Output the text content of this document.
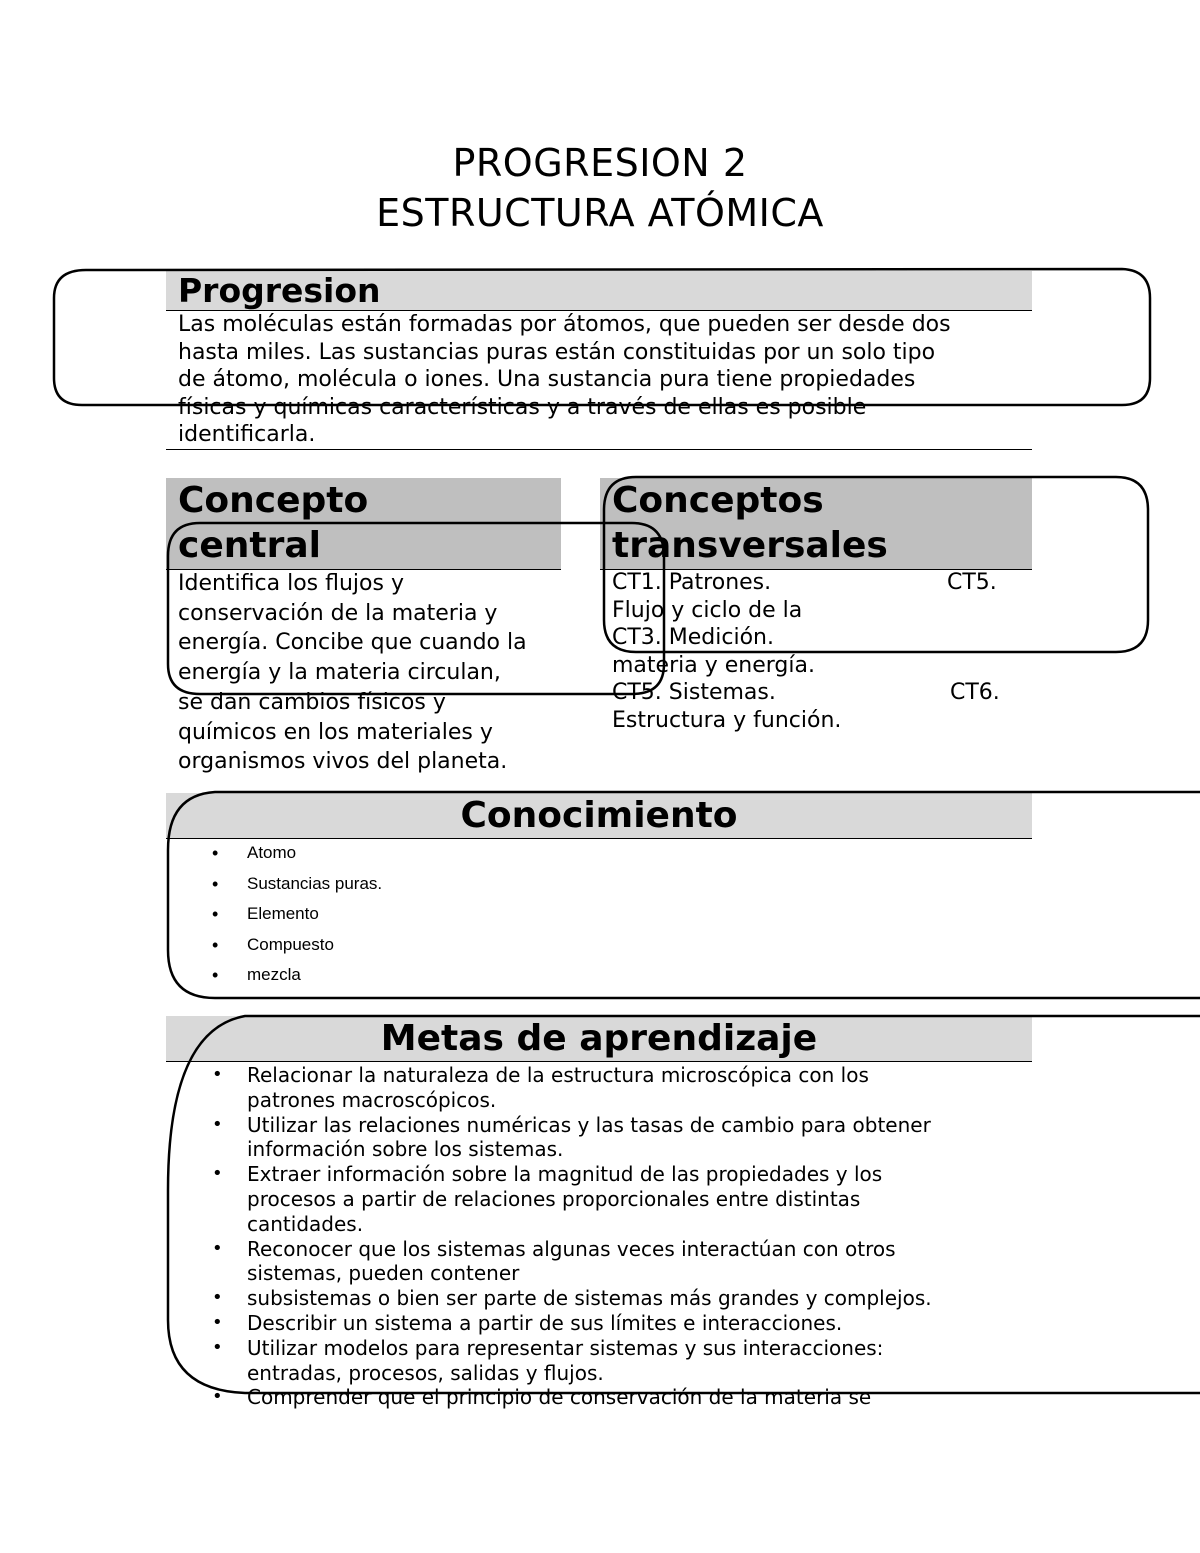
PROGRESION 2
ESTRUCTURA ATÓMICA
Progresion
Las moléculas están formadas por átomos, que pueden ser desde dos
hasta miles. Las sustancias puras están constituidas por un solo tipo
de átomo, molécula o iones. Una sustancia pura tiene propiedades
físicas y químicas características y a través de ellas es posible
identificarla.
Concepto
central
Identifica los flujos y
conservación de la materia y
energía. Concibe que cuando la
energía y la materia circulan,
se dan cambios físicos y
químicos en los materiales y
organismos vivos del planeta.
Conceptos
transversales
CT1. Patrones.	CT5.
Flujo y ciclo de la
CT3. Medición.
materia y energía.
CT5. Sistemas.	CT6.
Estructura y función.
Conocimiento
• Atomo
• Sustancias puras.
• Elemento
• Compuesto
• mezcla
Metas de aprendizaje
• Relacionar la naturaleza de la estructura microscópica con los
patrones macroscópicos.
• Utilizar las relaciones numéricas y las tasas de cambio para obtener
información sobre los sistemas.
• Extraer información sobre la magnitud de las propiedades y los
procesos a partir de relaciones proporcionales entre distintas
cantidades.
• Reconocer que los sistemas algunas veces interactúan con otros
sistemas, pueden contener
• subsistemas o bien ser parte de sistemas más grandes y complejos.
• Describir un sistema a partir de sus límites e interacciones.
• Utilizar modelos para representar sistemas y sus interacciones:
entradas, procesos, salidas y flujos.
• Comprender que el principio de conservación de la materia se
